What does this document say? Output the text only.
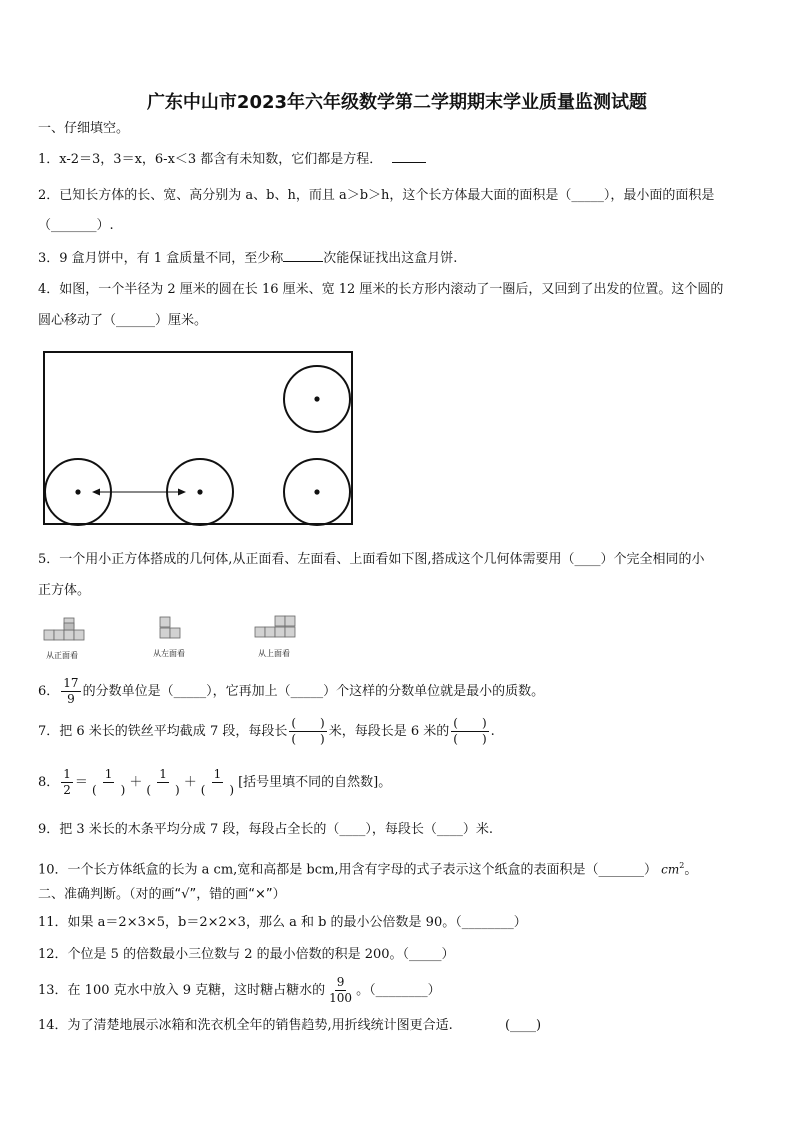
广东中山市2023年六年级数学第二学期期末学业质量监测试题
一、仔细填空。
1．x-2＝3，3＝x，6-x＜3 都含有未知数，它们都是方程．
2．已知长方体的长、宽、高分别为 a、b、h，而且 a＞b＞h，这个长方体最大面的面积是（_____），最小面的面积是
（_______）.
3．9 盒月饼中，有 1 盒质量不同，至少称	次能保证找出这盒月饼.
4．如图，一个半径为 2 厘米的圆在长 16 厘米、宽 12 厘米的长方形内滚动了一圈后，又回到了出发的位置。这个圆的
圆心移动了（______）厘米。
5．一个用小正方体搭成的几何体,从正面看、左面看、上面看如下图,搭成这个几何体需要用（____）个完全相同的小
正方体。
从正面看	从左面看	从上面看
6． $\frac{17}{9}$ 的分数单位是（_____），它再加上（_____）个这样的分数单位就是最小的质数。
7．把 6 米长的铁丝平均截成 7 段，每段长 $\frac{( )}{( )}$ 米，每段长是 6 米的 $\frac{( )}{( )}$ .
8． $\frac{1}{2} = \frac{1}{( )} + \frac{1}{( )} + \frac{1}{( )}$ [括号里填不同的自然数]。
9．把 3 米长的木条平均分成 7 段，每段占全长的（____），每段长（____）米.
10．一个长方体纸盒的长为 a cm,宽和高都是 bcm,用含有字母的式子表示这个纸盒的表面积是（_______） $cm^2$。
二、准确判断。（对的画“√”，错的画“×”）
11．如果 a＝2×3×5，b＝2×2×3，那么 a 和 b 的最小公倍数是 90。（________）
12．个位是 5 的倍数最小三位数与 2 的最小倍数的积是 200。（_____）
13．在 100 克水中放入 9 克糖，这时糖占糖水的 $\frac{9}{100}$ 。（________）
14．为了清楚地展示冰箱和洗衣机全年的销售趋势,用折线统计图更合适.	(____)
